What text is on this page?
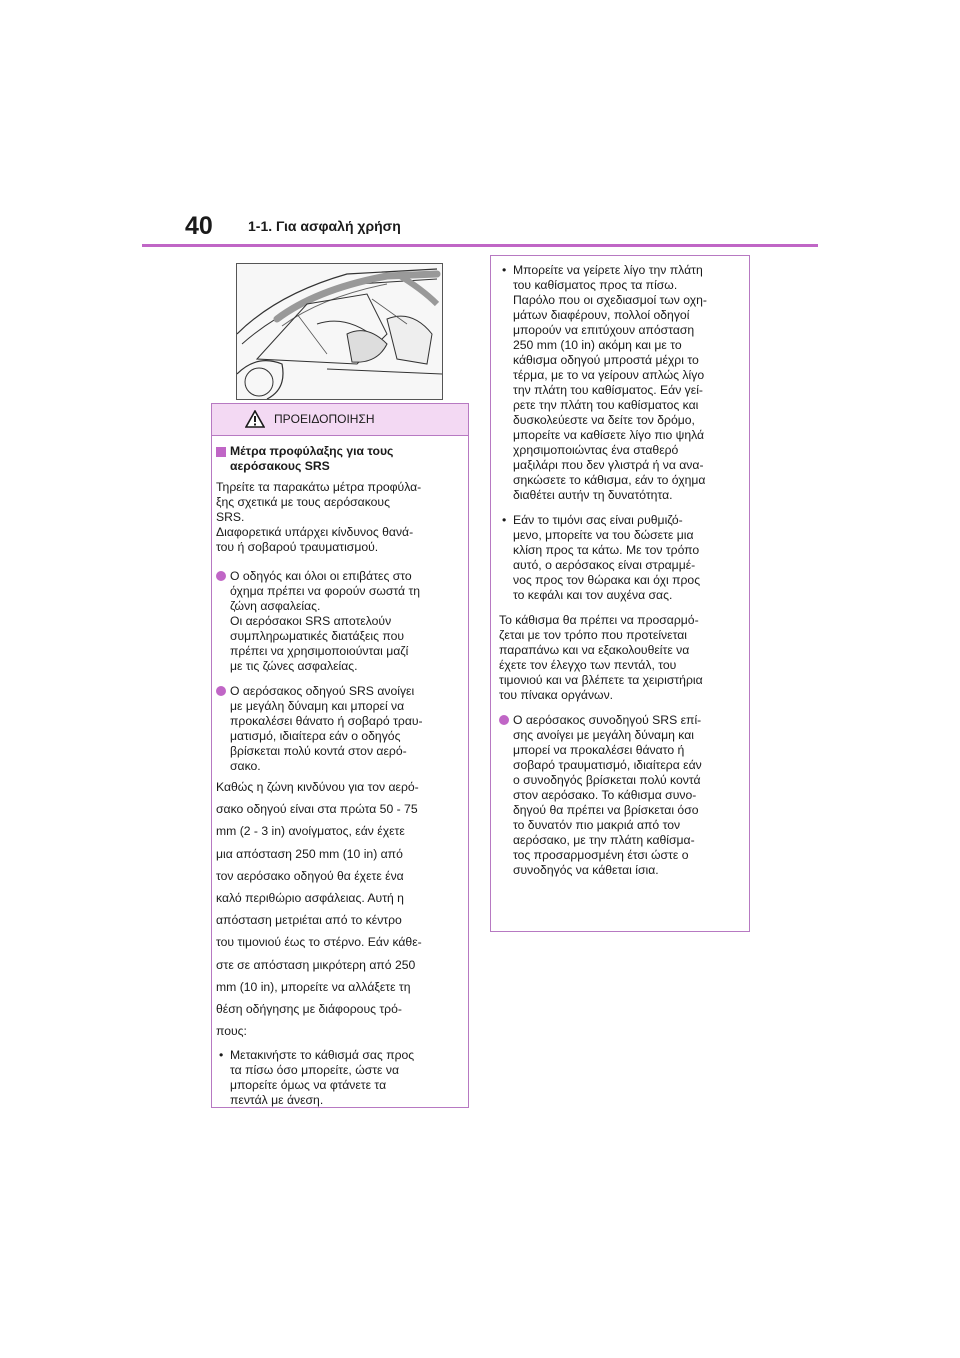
40	1-1. Για ασφαλή χρήση
ΠΡΟΕΙΔΟΠΟΙΗΣΗ
Μέτρα προφύλαξης για τους
αερόσακους SRS
Τηρείτε τα παρακάτω μέτρα προφύλα-
ξης σχετικά με τους αερόσακους
SRS.
Διαφορετικά υπάρχει κίνδυνος θανά-
του ή σοβαρού τραυματισμού.
Ο οδηγός και όλοι οι επιβάτες στο
όχημα πρέπει να φορούν σωστά τη
ζώνη ασφαλείας.
Οι αερόσακοι SRS αποτελούν
συμπληρωματικές διατάξεις που
πρέπει να χρησιμοποιούνται μαζί
με τις ζώνες ασφαλείας.
Ο αερόσακος οδηγού SRS ανοίγει
με μεγάλη δύναμη και μπορεί να
προκαλέσει θάνατο ή σοβαρό τραυ-
ματισμό, ιδιαίτερα εάν ο οδηγός
βρίσκεται πολύ κοντά στον αερό-
σακο.
Καθώς η ζώνη κινδύνου για τον αερό-
σακο οδηγού είναι στα πρώτα 50 - 75
mm (2 - 3 in) ανοίγματος, εάν έχετε
μια απόσταση 250 mm (10 in) από
τον αερόσακο οδηγού θα έχετε ένα
καλό περιθώριο ασφάλειας. Αυτή η
απόσταση μετριέται από το κέντρο
του τιμονιού έως το στέρνο. Εάν κάθε-
στε σε απόσταση μικρότερη από 250
mm (10 in), μπορείτε να αλλάξετε τη
θέση οδήγησης με διάφορους τρό-
πους:
• Μετακινήστε το κάθισμά σας προς
τα πίσω όσο μπορείτε, ώστε να
μπορείτε όμως να φτάνετε τα
πεντάλ με άνεση.
• Μπορείτε να γείρετε λίγο την πλάτη
του καθίσματος προς τα πίσω.
Παρόλο που οι σχεδιασμοί των οχη-
μάτων διαφέρουν, πολλοί οδηγοί
μπορούν να επιτύχουν απόσταση
250 mm (10 in) ακόμη και με το
κάθισμα οδηγού μπροστά μέχρι το
τέρμα, με το να γείρουν απλώς λίγο
την πλάτη του καθίσματος. Εάν γεί-
ρετε την πλάτη του καθίσματος και
δυσκολεύεστε να δείτε τον δρόμο,
μπορείτε να καθίσετε λίγο πιο ψηλά
χρησιμοποιώντας ένα σταθερό
μαξιλάρι που δεν γλιστρά ή να ανα-
σηκώσετε το κάθισμα, εάν το όχημα
διαθέτει αυτήν τη δυνατότητα.
• Εάν το τιμόνι σας είναι ρυθμιζό-
μενο, μπορείτε να του δώσετε μια
κλίση προς τα κάτω. Με τον τρόπο
αυτό, ο αερόσακος είναι στραμμέ-
νος προς τον θώρακα και όχι προς
το κεφάλι και τον αυχένα σας.
Το κάθισμα θα πρέπει να προσαρμό-
ζεται με τον τρόπο που προτείνεται
παραπάνω και να εξακολουθείτε να
έχετε τον έλεγχο των πεντάλ, του
τιμονιού και να βλέπετε τα χειριστήρια
του πίνακα οργάνων.
Ο αερόσακος συνοδηγού SRS επί-
σης ανοίγει με μεγάλη δύναμη και
μπορεί να προκαλέσει θάνατο ή
σοβαρό τραυματισμό, ιδιαίτερα εάν
ο συνοδηγός βρίσκεται πολύ κοντά
στον αερόσακο. Το κάθισμα συνο-
δηγού θα πρέπει να βρίσκεται όσο
το δυνατόν πιο μακριά από τον
αερόσακο, με την πλάτη καθίσμα-
τος προσαρμοσμένη έτσι ώστε ο
συνοδηγός να κάθεται ίσια.
